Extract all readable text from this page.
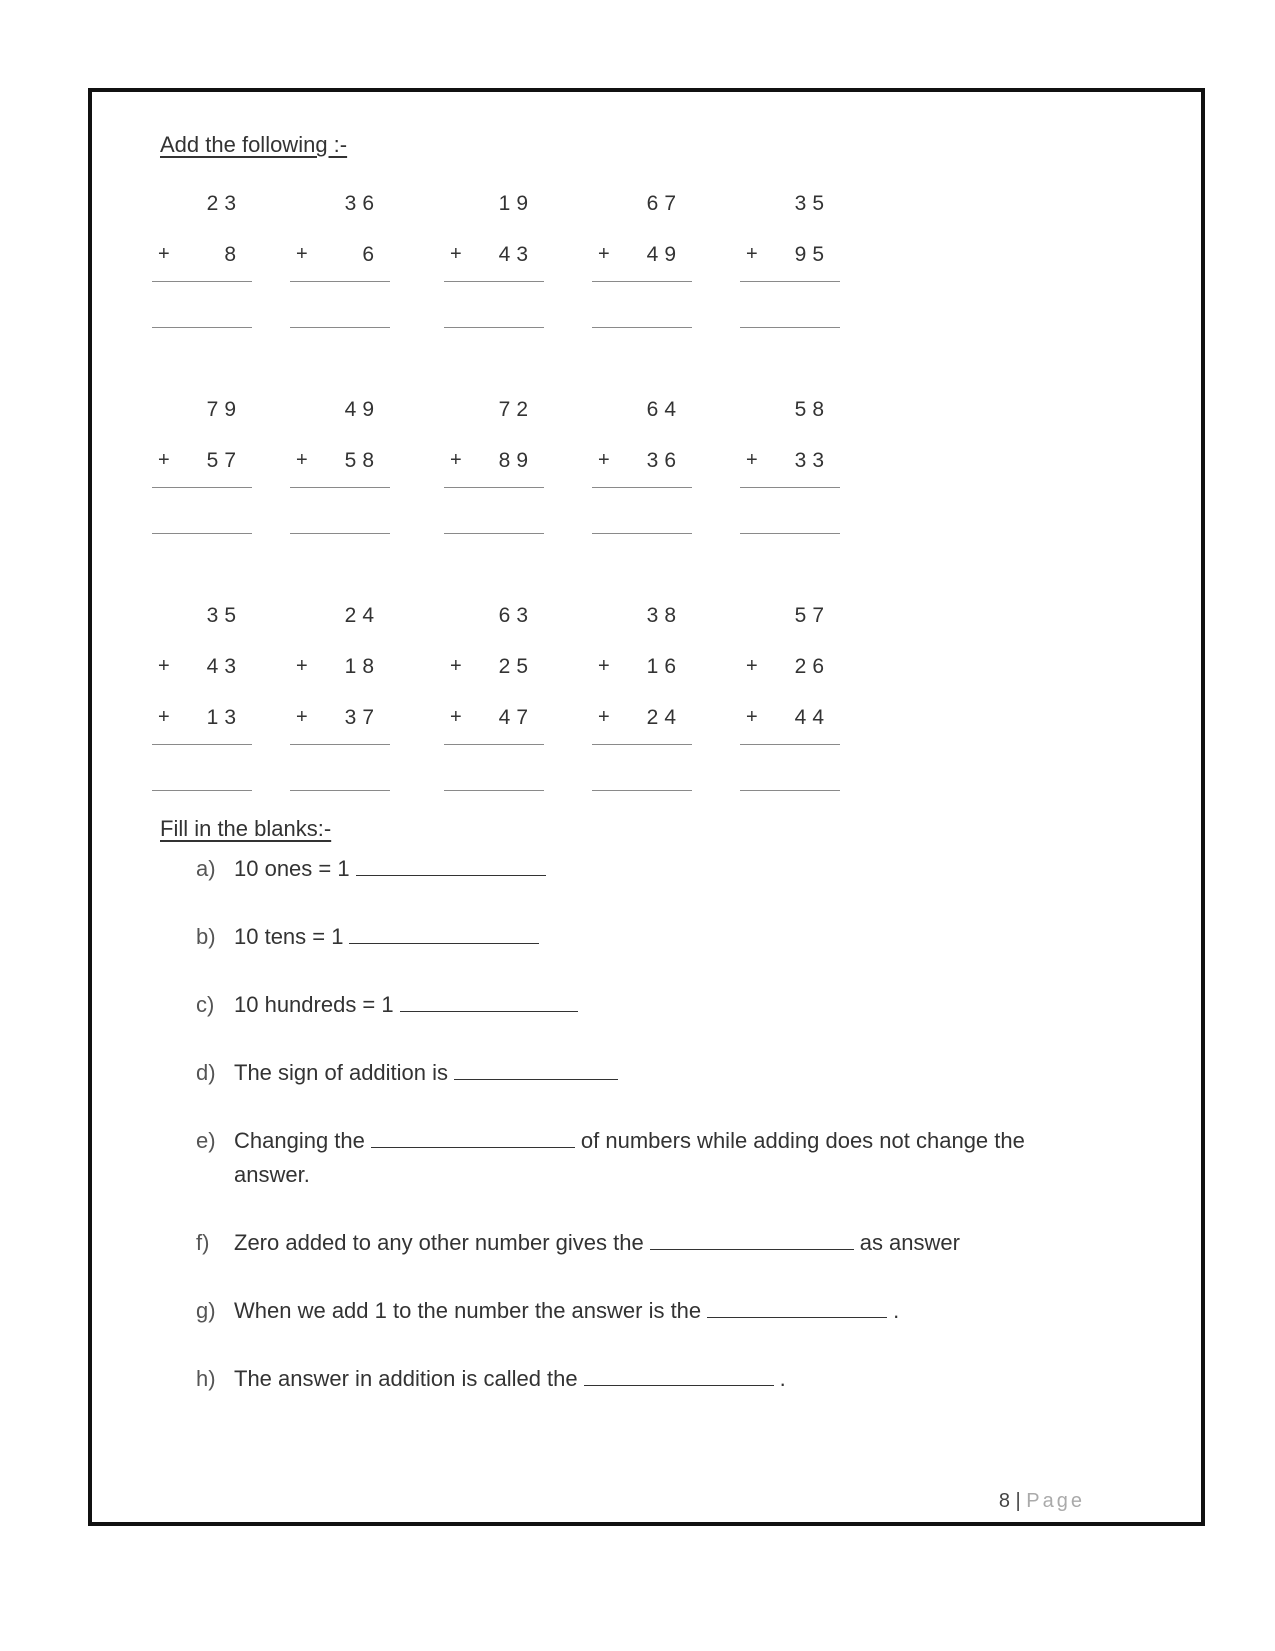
Add the following :-
23
+	8
36
+	6
19
+ 43
67
+ 49
35
+ 95
79
+ 57
49
+ 58
72
+ 89
64
+ 36
58
+ 33
35
+ 43
+ 13
24
+ 18
+ 37
63
+ 25
+ 47
38
+ 16
+ 24
57
+ 26
+ 44
Fill in the blanks:-
a) 10 ones = 1
b) 10 tens = 1
c) 10 hundreds = 1
d) The sign of addition is
e) Changing the	of numbers while adding does not change the
answer.
f) Zero added to any other number gives the	as answer
g) When we add 1 to the number the answer is the	.
h) The answer in addition is called the	.
8 | Page
